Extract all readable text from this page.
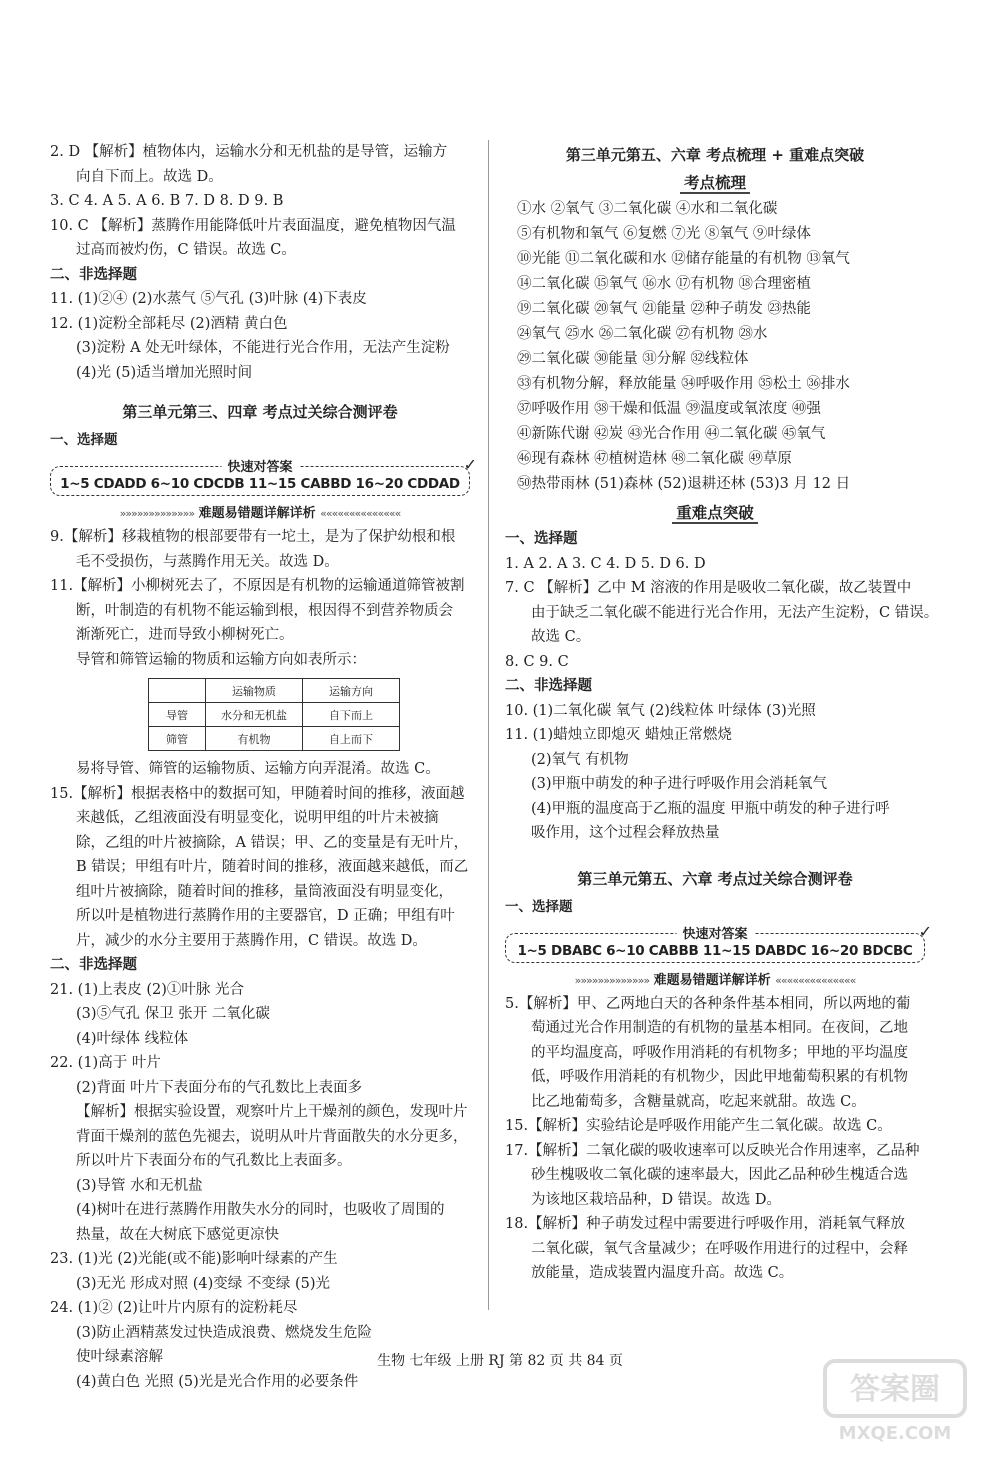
2. D 【解析】植物体内，运输水分和无机盐的是导管，运输方
向自下而上。故选 D。
3. C 4. A 5. A 6. B 7. D 8. D 9. B
10. C 【解析】蒸腾作用能降低叶片表面温度，避免植物因气温
过高而被灼伤，C 错误。故选 C。
二、非选择题
11. (1)②④ (2)水蒸气 ⑤气孔 (3)叶脉 (4)下表皮
12. (1)淀粉全部耗尽 (2)酒精 黄白色
(3)淀粉 A 处无叶绿体，不能进行光合作用，无法产生淀粉
(4)光 (5)适当增加光照时间
第三单元第三、四章 考点过关综合测评卷
一、选择题
快速对答案
1~5 CDADD 6~10 CDCDB 11~15 CABBD 16~20 CDDAD
✓
»»»»»»»»»»»»» 难题易错题详解详析 ««««««««««««««
9.【解析】移栽植物的根部要带有一坨土，是为了保护幼根和根
毛不受损伤，与蒸腾作用无关。故选 D。
11.【解析】小柳树死去了，不原因是有机物的运输通道筛管被割
断，叶制造的有机物不能运输到根，根因得不到营养物质会
渐渐死亡，进而导致小柳树死亡。
导管和筛管运输的物质和运输方向如表所示：
	运输物质	运输方向
导管	水分和无机盐	自下而上
筛管	有机物	自上而下
易将导管、筛管的运输物质、运输方向弄混淆。故选 C。
15.【解析】根据表格中的数据可知，甲随着时间的推移，液面越
来越低，乙组液面没有明显变化，说明甲组的叶片未被摘
除，乙组的叶片被摘除，A 错误；甲、乙的变量是有无叶片，
B 错误；甲组有叶片，随着时间的推移，液面越来越低，而乙
组叶片被摘除，随着时间的推移，量筒液面没有明显变化，
所以叶是植物进行蒸腾作用的主要器官，D 正确；甲组有叶
片，减少的水分主要用于蒸腾作用，C 错误。故选 D。
二、非选择题
21. (1)上表皮 (2)①叶脉 光合
(3)⑤气孔 保卫 张开 二氧化碳
(4)叶绿体 线粒体
22. (1)高于 叶片
(2)背面 叶片下表面分布的气孔数比上表面多
【解析】根据实验设置，观察叶片上干燥剂的颜色，发现叶片
背面干燥剂的蓝色先褪去，说明从叶片背面散失的水分更多，
所以叶片下表面分布的气孔数比上表面多。
(3)导管 水和无机盐
(4)树叶在进行蒸腾作用散失水分的同时，也吸收了周围的
热量，故在大树底下感觉更凉快
23. (1)光 (2)光能(或不能)影响叶绿素的产生
(3)无光 形成对照 (4)变绿 不变绿 (5)光
24. (1)② (2)让叶片内原有的淀粉耗尽
(3)防止酒精蒸发过快造成浪费、燃烧发生危险
使叶绿素溶解
(4)黄白色 光照 (5)光是光合作用的必要条件
第三单元第五、六章 考点梳理 + 重难点突破
考点梳理
①水 ②氧气 ③二氧化碳 ④水和二氧化碳
⑤有机物和氧气 ⑥复燃 ⑦光 ⑧氧气 ⑨叶绿体
⑩光能 ⑪二氧化碳和水 ⑫储存能量的有机物 ⑬氧气
⑭二氧化碳 ⑮氧气 ⑯水 ⑰有机物 ⑱合理密植
⑲二氧化碳 ⑳氧气 ㉑能量 ㉒种子萌发 ㉓热能
㉔氧气 ㉕水 ㉖二氧化碳 ㉗有机物 ㉘水
㉙二氧化碳 ㉚能量 ㉛分解 ㉜线粒体
㉝有机物分解，释放能量 ㉞呼吸作用 ㉟松土 ㊱排水
㊲呼吸作用 ㊳干燥和低温 ㊴温度或氧浓度 ㊵强
㊶新陈代谢 ㊷炭 ㊸光合作用 ㊹二氧化碳 ㊺氧气
㊻现有森林 ㊼植树造林 ㊽二氧化碳 ㊾草原
㊿热带雨林 (51)森林 (52)退耕还林 (53)3 月 12 日
重难点突破
一、选择题
1. A 2. A 3. C 4. D 5. D 6. D
7. C 【解析】乙中 M 溶液的作用是吸收二氧化碳，故乙装置中
由于缺乏二氧化碳不能进行光合作用，无法产生淀粉，C 错误。
故选 C。
8. C 9. C
二、非选择题
10. (1)二氧化碳 氧气 (2)线粒体 叶绿体 (3)光照
11. (1)蜡烛立即熄灭 蜡烛正常燃烧
(2)氧气 有机物
(3)甲瓶中萌发的种子进行呼吸作用会消耗氧气
(4)甲瓶的温度高于乙瓶的温度 甲瓶中萌发的种子进行呼
吸作用，这个过程会释放热量
第三单元第五、六章 考点过关综合测评卷
一、选择题
快速对答案
1~5 DBABC 6~10 CABBB 11~15 DABDC 16~20 BDCBC
✓
»»»»»»»»»»»»» 难题易错题详解详析 ««««««««««««««
5.【解析】甲、乙两地白天的各种条件基本相同，所以两地的葡
萄通过光合作用制造的有机物的量基本相同。在夜间，乙地
的平均温度高，呼吸作用消耗的有机物多；甲地的平均温度
低，呼吸作用消耗的有机物少，因此甲地葡萄积累的有机物
比乙地葡萄多，含糖量就高，吃起来就甜。故选 C。
15.【解析】实验结论是呼吸作用能产生二氧化碳。故选 C。
17.【解析】二氧化碳的吸收速率可以反映光合作用速率，乙品种
砂生槐吸收二氧化碳的速率最大，因此乙品种砂生槐适合选
为该地区栽培品种，D 错误。故选 D。
18.【解析】种子萌发过程中需要进行呼吸作用，消耗氧气释放
二氧化碳，氧气含量减少；在呼吸作用进行的过程中，会释
放能量，造成装置内温度升高。故选 C。
生物 七年级 上册 RJ 第 82 页 共 84 页
答案圈
MXQE.COM
